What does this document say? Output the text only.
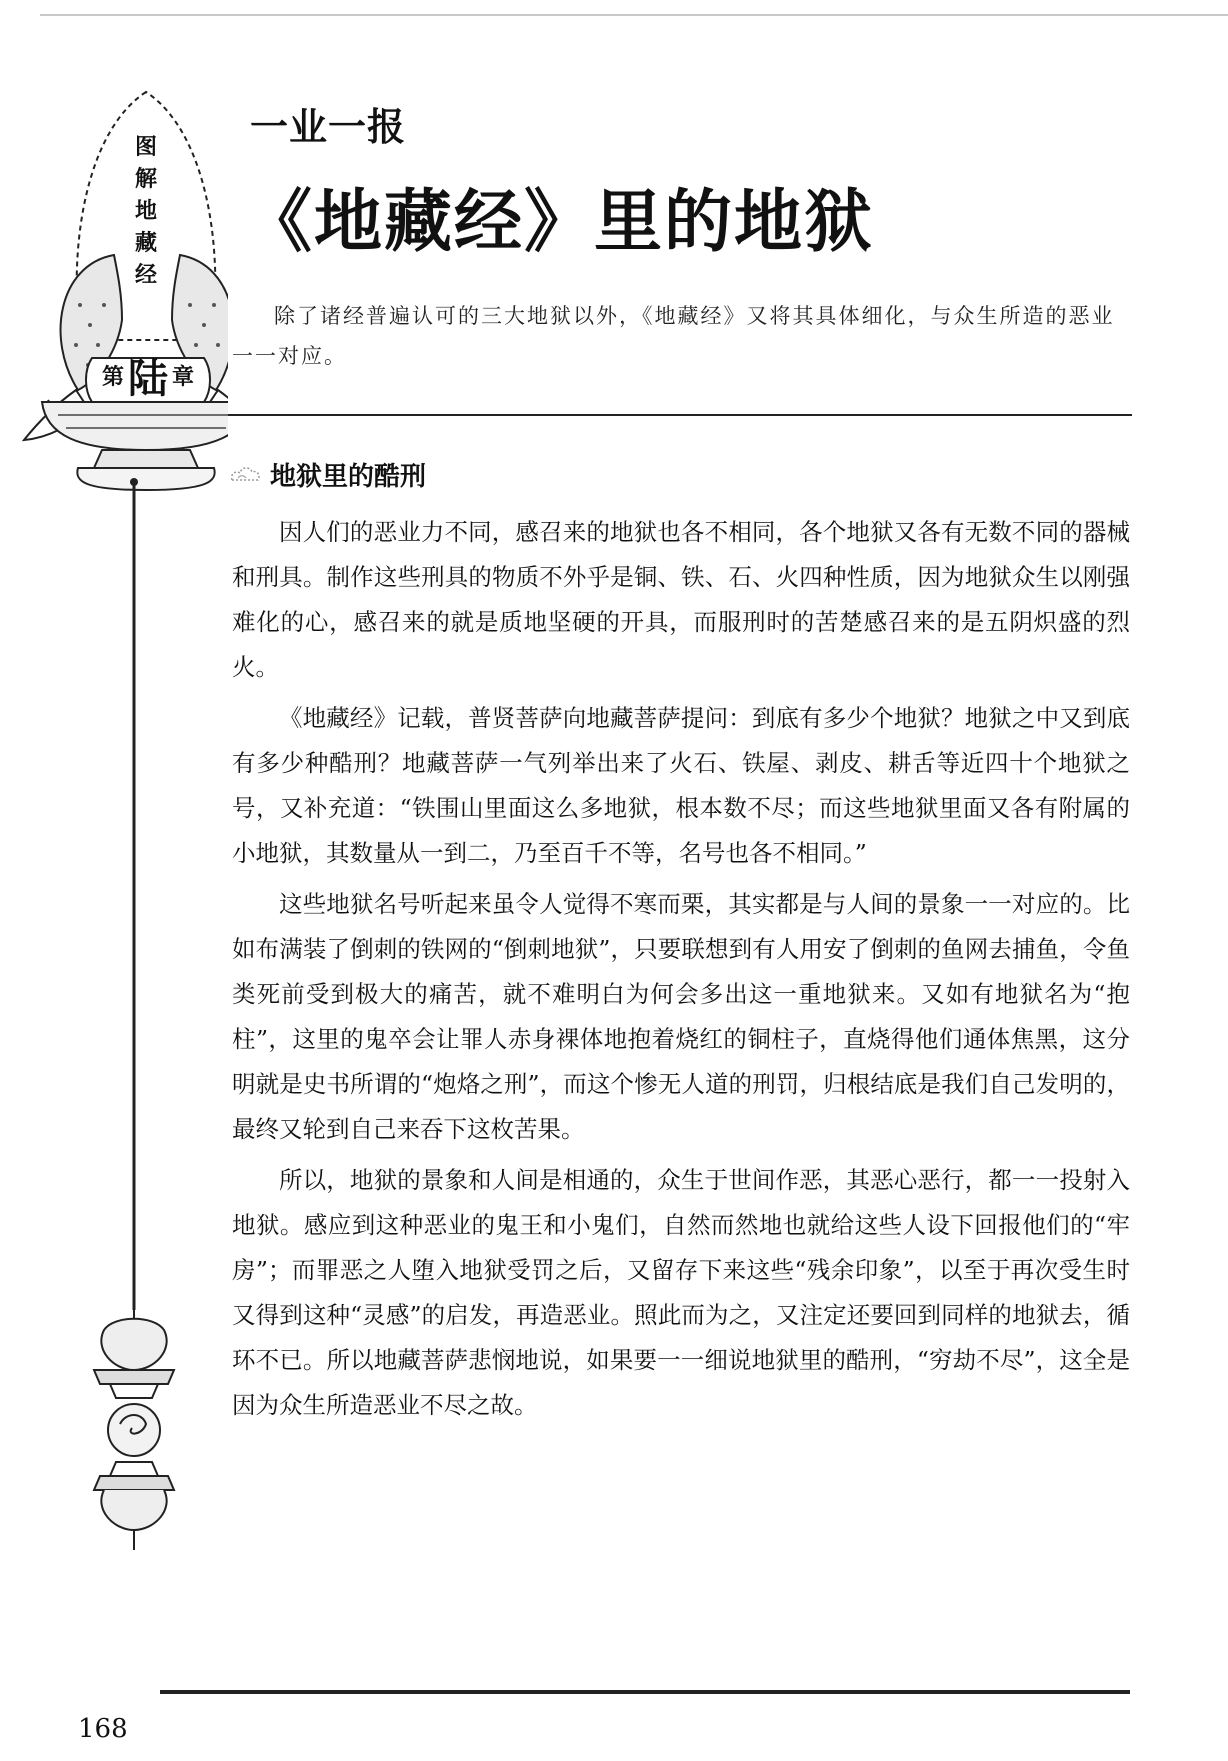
图
解
地
藏
经
第 陆 章
一业一报
《地藏经》里的地狱
除了诸经普遍认可的三大地狱以外，《地藏经》又将其具体细化，与众生所造的恶业一一对应。
地狱里的酷刑

因人们的恶业力不同，感召来的地狱也各不相同，各个地狱又各有无数不同的器械和刑具。制作这些刑具的物质不外乎是铜、铁、石、火四种性质，因为地狱众生以刚强难化的心，感召来的就是质地坚硬的开具，而服刑时的苦楚感召来的是五阴炽盛的烈火。

《地藏经》记载，普贤菩萨向地藏菩萨提问：到底有多少个地狱？地狱之中又到底有多少种酷刑？地藏菩萨一气列举出来了火石、铁屋、剥皮、耕舌等近四十个地狱之号，又补充道：“铁围山里面这么多地狱，根本数不尽；而这些地狱里面又各有附属的小地狱，其数量从一到二，乃至百千不等，名号也各不相同。”

这些地狱名号听起来虽令人觉得不寒而栗，其实都是与人间的景象一一对应的。比如布满装了倒刺的铁网的“倒刺地狱”，只要联想到有人用安了倒刺的鱼网去捕鱼，令鱼类死前受到极大的痛苦，就不难明白为何会多出这一重地狱来。又如有地狱名为“抱柱”，这里的鬼卒会让罪人赤身裸体地抱着烧红的铜柱子，直烧得他们通体焦黑，这分明就是史书所谓的“炮烙之刑”，而这个惨无人道的刑罚，归根结底是我们自己发明的，最终又轮到自己来吞下这枚苦果。

所以，地狱的景象和人间是相通的，众生于世间作恶，其恶心恶行，都一一投射入地狱。感应到这种恶业的鬼王和小鬼们，自然而然地也就给这些人设下回报他们的“牢房”；而罪恶之人堕入地狱受罚之后，又留存下来这些“残余印象”，以至于再次受生时又得到这种“灵感”的启发，再造恶业。照此而为之，又注定还要回到同样的地狱去，循环不已。所以地藏菩萨悲悯地说，如果要一一细说地狱里的酷刑，“穷劫不尽”，这全是因为众生所造恶业不尽之故。

168
